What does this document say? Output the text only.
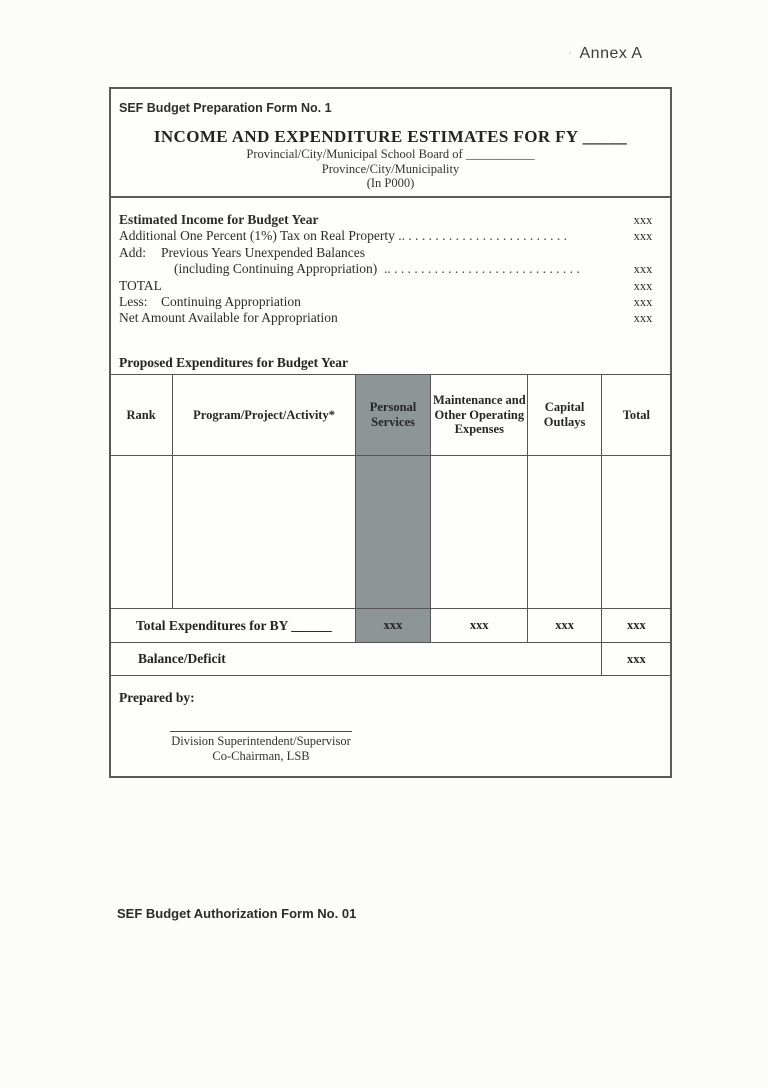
· Annex A
SEF Budget Preparation Form No. 1
INCOME AND EXPENDITURE ESTIMATES FOR FY _____
Provincial/City/Municipal School Board of ___________
Province/City/Municipality
(In P000)
Estimated Income for Budget Year	xxx
Additional One Percent (1%) Tax on Real Property .. . . . . . . . . . . . . . . . . . . . . . . . .	xxx
Add:	Previous Years Unexpended Balances
(including Continuing Appropriation) .. . . . . . . . . . . . . . . . . . . . . . . . . . . . .	xxx
TOTAL	xxx
Less:	Continuing Appropriation	xxx
Net Amount Available for Appropriation	xxx
Proposed Expenditures for Budget Year
Rank	Program/Project/Activity*	Personal Services	Maintenance and Other Operating Expenses	Capital Outlays	Total

Total Expenditures for BY ______		xxx	xxx	xxx	xxx
Balance/Deficit					xxx
Prepared by:
Division Superintendent/Supervisor
Co-Chairman, LSB
SEF Budget Authorization Form No. 01
